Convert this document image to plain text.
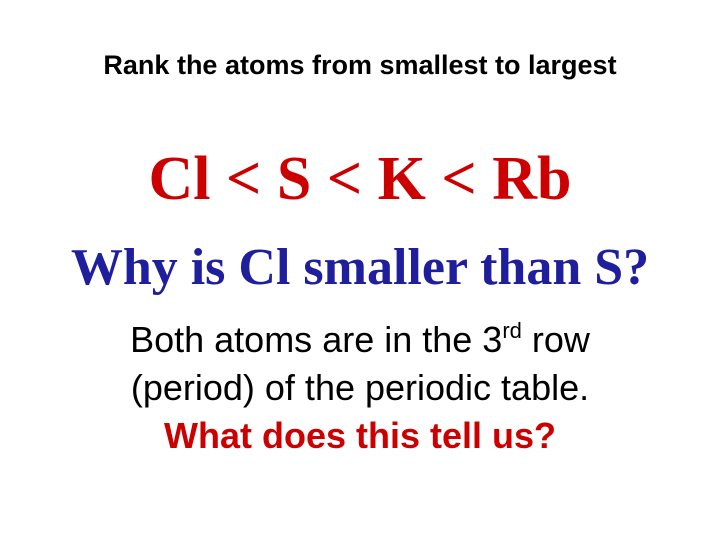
Rank the atoms from smallest to largest
Cl < S < K < Rb
Why is Cl smaller than S?
Both atoms are in the 3rd row
(period) of the periodic table.
What does this tell us?
